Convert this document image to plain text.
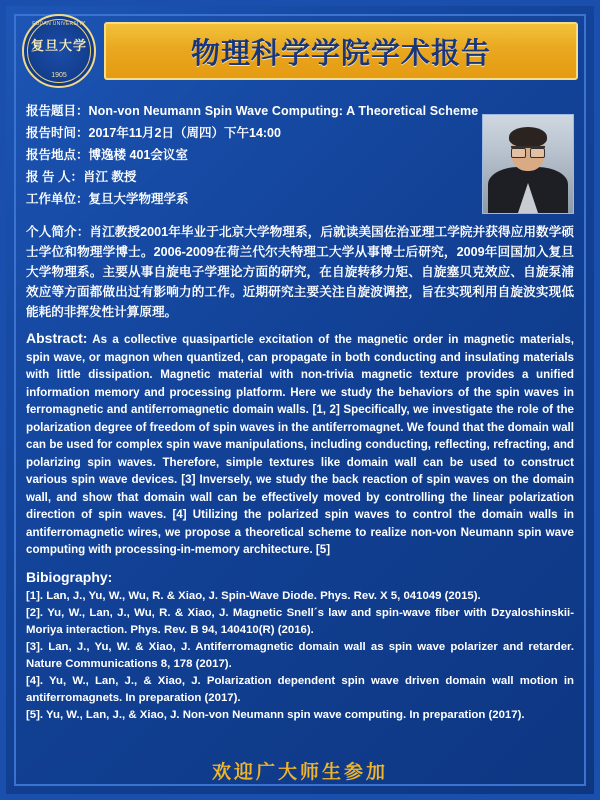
FUDAN UNIVERSITY
复旦大学
1905
物理科学学院学术报告
报告题目：Non-von Neumann Spin Wave Computing: A Theoretical Scheme
报告时间：2017年11月2日（周四）下午14:00
报告地点：博逸楼 401会议室
报 告 人：肖江 教授
工作单位：复旦大学物理学系
个人简介：肖江教授2001年毕业于北京大学物理系，后就读美国佐治亚理工学院并获得应用数学硕士学位和物理学博士。2006-2009在荷兰代尔夫特理工大学从事博士后研究，2009年回国加入复旦大学物理系。主要从事自旋电子学理论方面的研究，在自旋转移力矩、自旋塞贝克效应、自旋泵浦效应等方面都做出过有影响力的工作。近期研究主要关注自旋波调控，旨在实现利用自旋波实现低能耗的非挥发性计算原理。
Abstract: As a collective quasiparticle excitation of the magnetic order in magnetic materials, spin wave, or magnon when quantized, can propagate in both conducting and insulating materials with little dissipation. Magnetic material with non-trivia magnetic texture provides a unified information memory and processing platform. Here we study the behaviors of the spin waves in ferromagnetic and antiferromagnetic domain walls. [1, 2] Specifically, we investigate the role of the polarization degree of freedom of spin waves in the antiferromagnet. We found that the domain wall can be used for complex spin wave manipulations, including conducting, reflecting, refracting, and polarizing spin waves. Therefore, simple textures like domain wall can be used to construct various spin wave devices. [3] Inversely, we study the back reaction of spin waves on the domain wall, and show that domain wall can be effectively moved by controlling the linear polarization direction of spin waves. [4] Utilizing the polarized spin waves to control the domain walls in antiferromagnetic wires, we propose a theoretical scheme to realize non-von Neumann spin wave computing with processing-in-memory architecture. [5]
Bibiography:
[1]. Lan, J., Yu, W., Wu, R. & Xiao, J. Spin-Wave Diode. Phys. Rev. X 5, 041049 (2015).
[2]. Yu, W., Lan, J., Wu, R. & Xiao, J. Magnetic Snell´s law and spin-wave fiber with Dzyaloshinskii-Moriya interaction. Phys. Rev. B 94, 140410(R) (2016).
[3]. Lan, J., Yu, W. & Xiao, J. Antiferromagnetic domain wall as spin wave polarizer and retarder. Nature Communications 8, 178 (2017).
[4]. Yu, W., Lan, J., & Xiao, J. Polarization dependent spin wave driven domain wall motion in antiferromagnets. In preparation (2017).
[5]. Yu, W., Lan, J., & Xiao, J. Non-von Neumann spin wave computing. In preparation (2017).
欢迎广大师生参加
